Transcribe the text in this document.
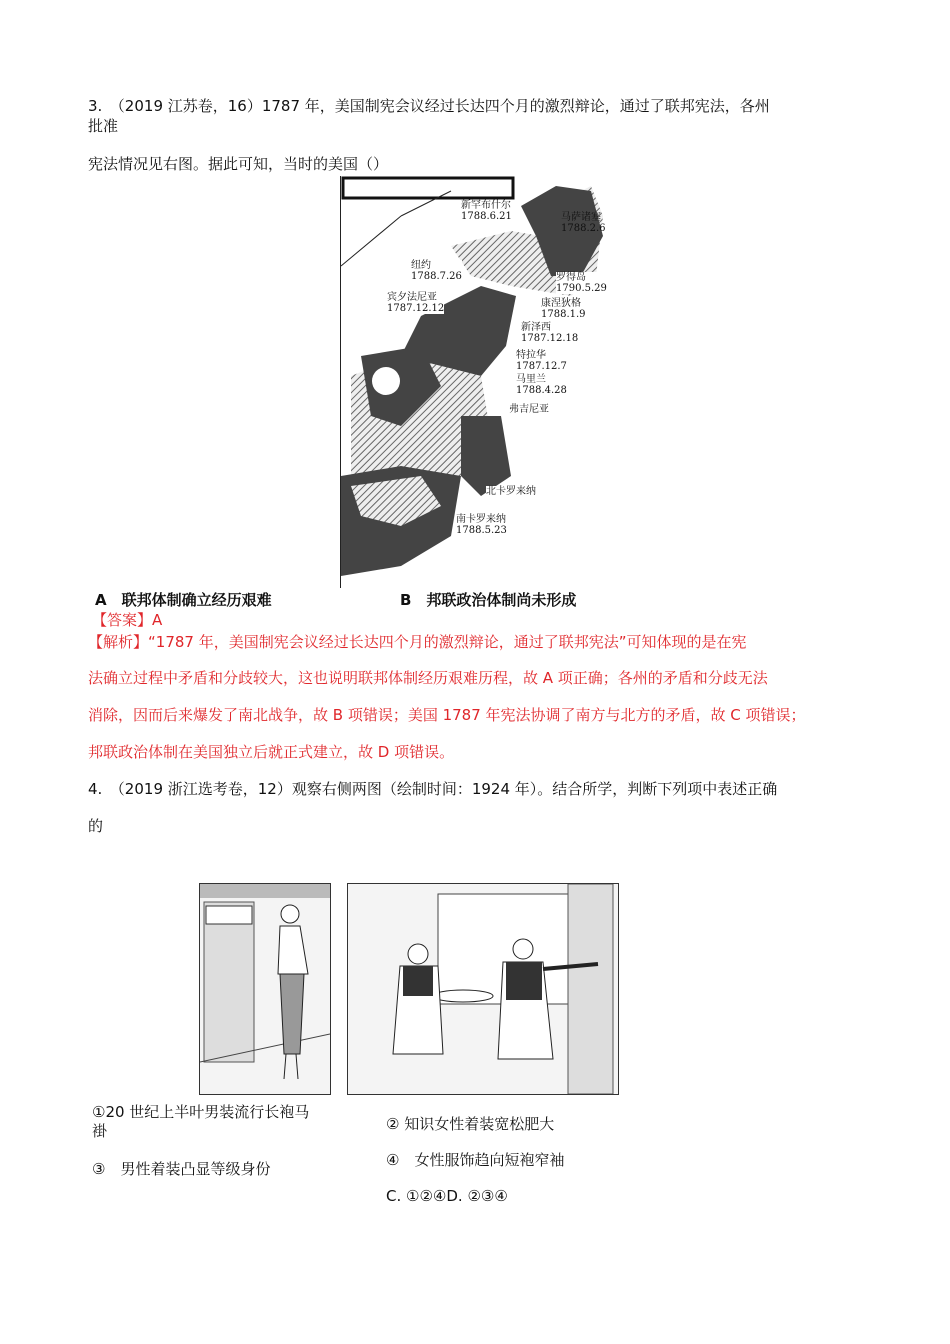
3.　（2019 江苏卷，16）1787 年，美国制宪会议经过长达四个月的激烈辩论，通过了联邦宪法，各州
批准
宪法情况见右图。据此可知，当时的美国（）
新罕布什尔
1788.6.21	马萨诸塞
1788.2.6
纽约
1788.7.26	罗得岛
1790.5.29
宾夕法尼亚
1787.12.12	康涅狄格
1788.1.9
新泽西
1787.12.18
特拉华
1787.12.7
马里兰
1788.4.28
弗吉尼亚
北卡罗来纳
南卡罗来纳
1788.5.23
A　联邦体制确立经历艰难	B　邦联政治体制尚未形成
【答案】A
【解析】“1787 年，美国制宪会议经过长达四个月的激烈辩论，通过了联邦宪法”可知体现的是在宪
法确立过程中矛盾和分歧较大，这也说明联邦体制经历艰难历程，故 A 项正确；各州的矛盾和分歧无法
消除，因而后来爆发了南北战争，故 B 项错误；美国 1787 年宪法协调了南方与北方的矛盾，故 C 项错误；
邦联政治体制在美国独立后就正式建立，故 D 项错误。
4.　（2019 浙江选考卷，12）观察右侧两图（绘制时间：1924 年）。结合所学，判断下列项中表述正确
的
①20 世纪上半叶男装流行长袍马
褂	② 知识女性着装宽松肥大
③　男性着装凸显等级身份	④　女性服饰趋向短袍窄袖
C. ①②④D. ②③④
